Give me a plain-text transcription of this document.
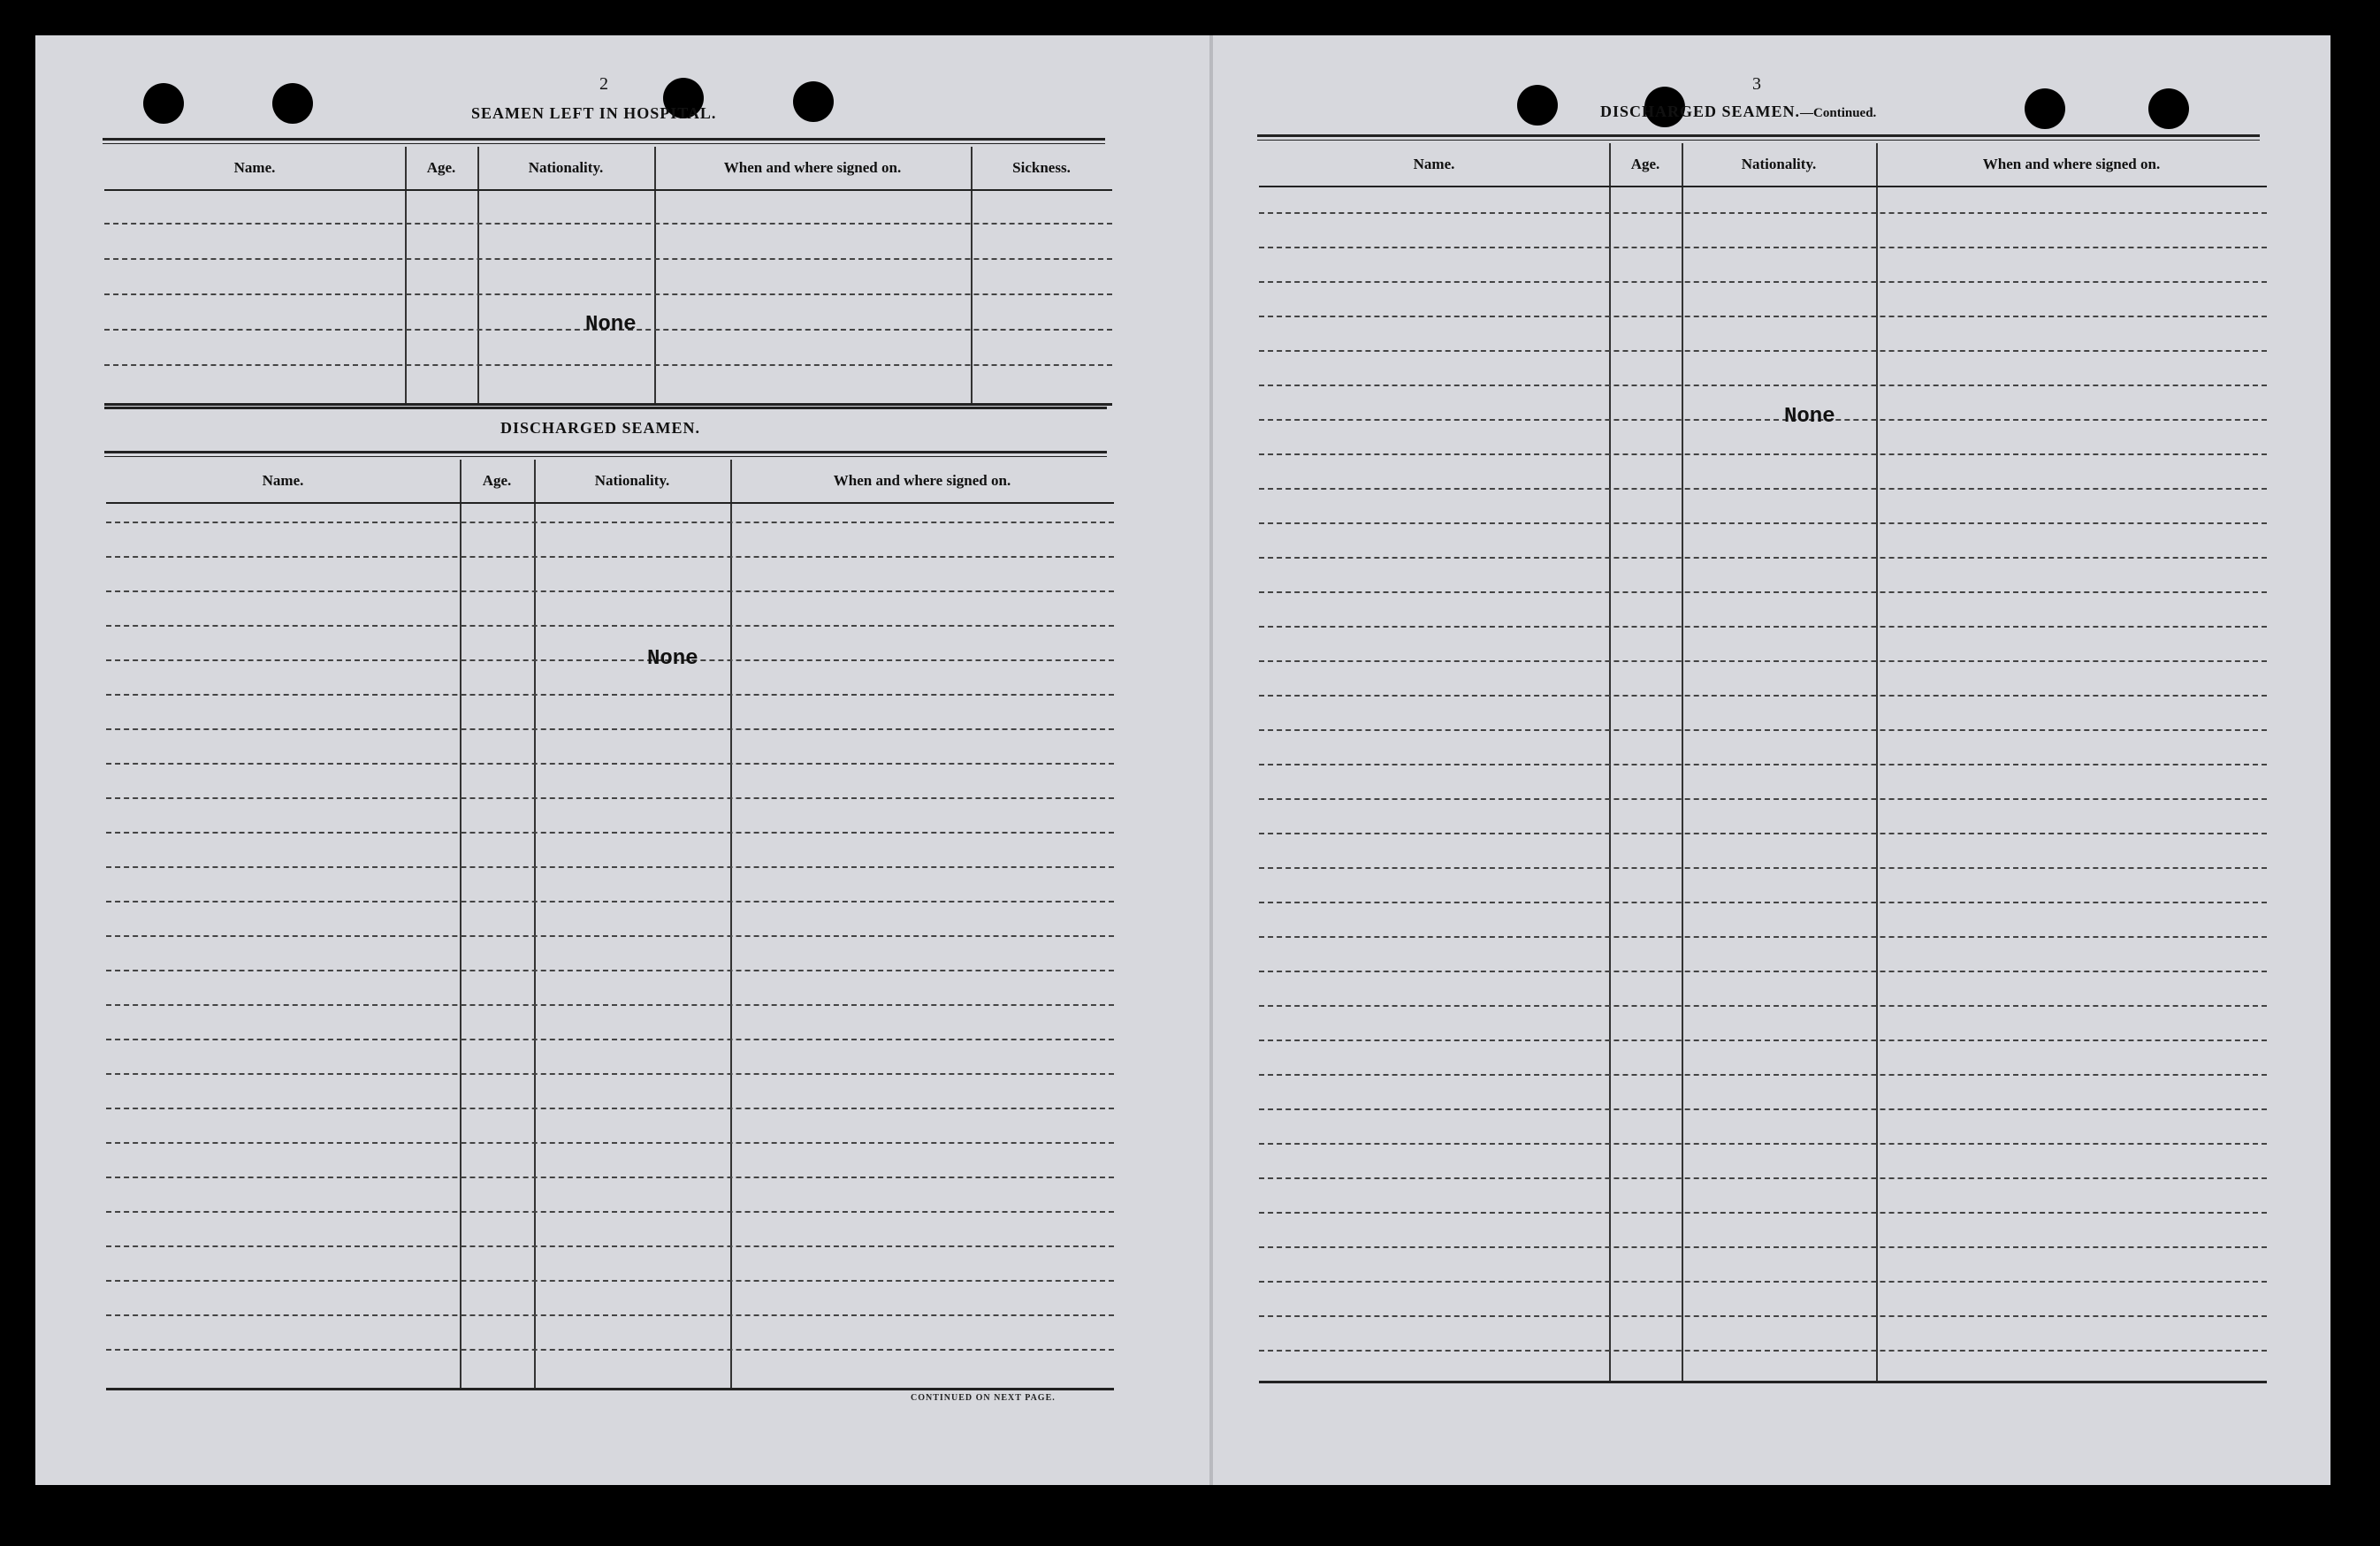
2
SEAMEN LEFT IN HOSPITAL.
Name.	Age.	Nationality.	When and where signed on.	Sickness.
DISCHARGED SEAMEN.
Name.	Age.	Nationality.	When and where signed on.
None
None
CONTINUED ON NEXT PAGE.
3
DISCHARGED SEAMEN.—Continued.
Name.	Age.	Nationality.	When and where signed on.
None
